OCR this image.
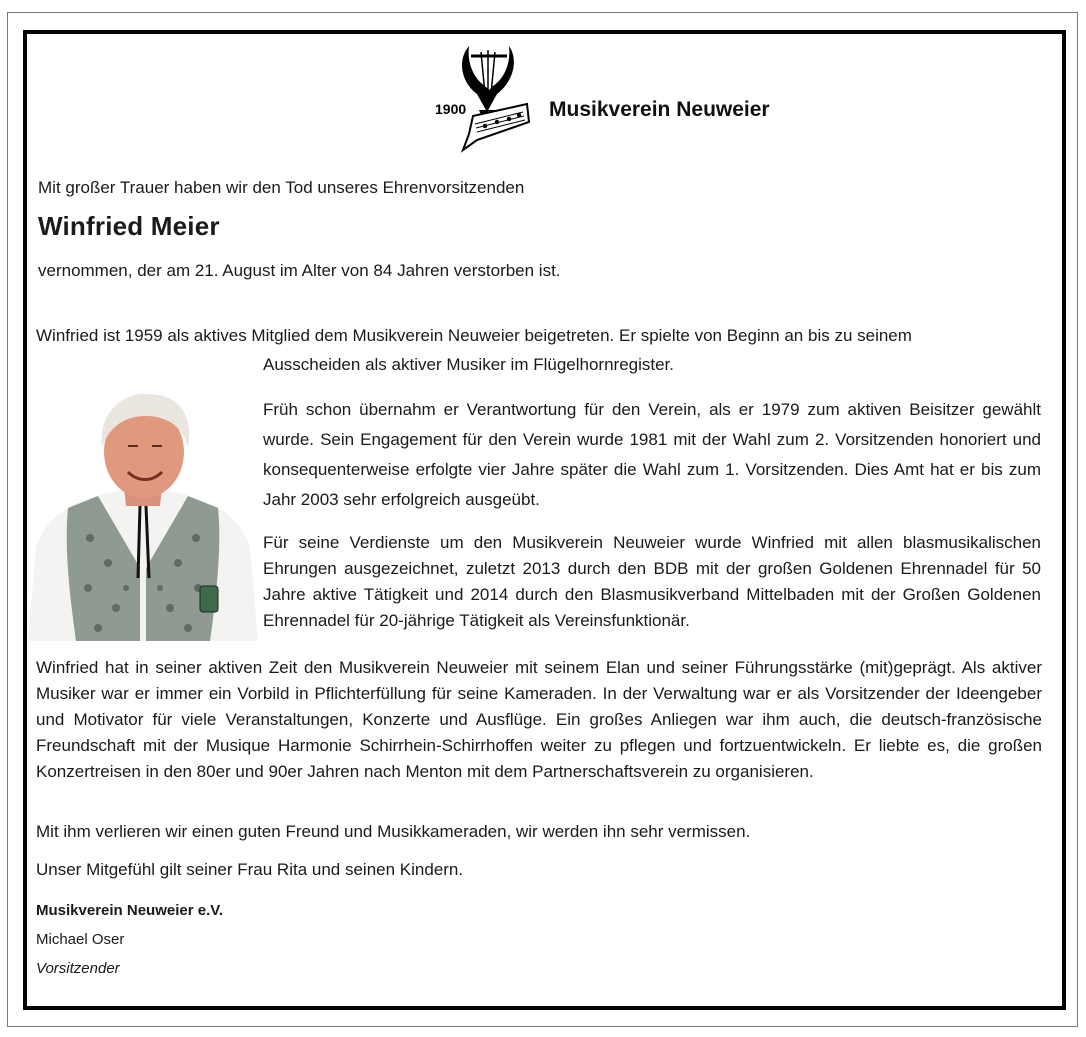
1900	Musikverein Neuweier
Mit großer Trauer haben wir den Tod unseres Ehrenvorsitzenden
Winfried Meier
vernommen, der am 21. August im Alter von 84 Jahren verstorben ist.
Winfried ist 1959 als aktives Mitglied dem Musikverein Neuweier beigetreten. Er spielte von Beginn an bis zu seinem
Ausscheiden als aktiver Musiker im Flügelhornregister.
Früh schon übernahm er Verantwortung für den Verein, als er 1979 zum aktiven Beisitzer gewählt wurde. Sein Engagement für den Verein wurde 1981 mit der Wahl zum 2. Vorsitzenden honoriert und konsequenterweise erfolgte vier Jahre später die Wahl zum 1. Vorsitzenden. Dies Amt hat er bis zum Jahr 2003 sehr erfolgreich ausgeübt.
Für seine Verdienste um den Musikverein Neuweier wurde Winfried mit allen blasmusikalischen Ehrungen ausgezeichnet, zuletzt 2013 durch den BDB mit der großen Goldenen Ehrennadel für 50 Jahre aktive Tätigkeit und 2014 durch den Blasmusikverband Mittelbaden mit der Großen Goldenen Ehrennadel für 20-jährige Tätigkeit als Vereinsfunktionär.
Winfried hat in seiner aktiven Zeit den Musikverein Neuweier mit seinem Elan und seiner Führungsstärke (mit)geprägt. Als aktiver Musiker war er immer ein Vorbild in Pflichterfüllung für seine Kameraden. In der Verwaltung war er als Vorsitzender der Ideengeber und Motivator für viele Veranstaltungen, Konzerte und Ausflüge. Ein großes Anliegen war ihm auch, die deutsch-französische Freundschaft mit der Musique Harmonie Schirrhein-Schirrhoffen weiter zu pflegen und fortzuentwickeln. Er liebte es, die großen Konzertreisen in den 80er und 90er Jahren nach Menton mit dem Partnerschaftsverein zu organisieren.
Mit ihm verlieren wir einen guten Freund und Musikkameraden, wir werden ihn sehr vermissen.
Unser Mitgefühl gilt seiner Frau Rita und seinen Kindern.
Musikverein Neuweier e.V.
Michael Oser
Vorsitzender
